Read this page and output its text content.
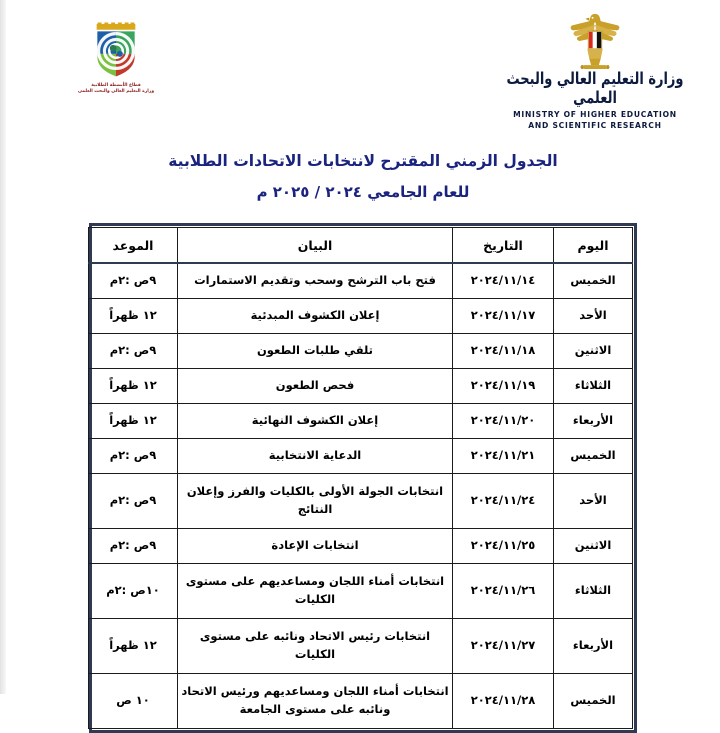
قطاع الأنشطة الطلابية
وزارة التعليم العالي والبحث العلمي
وزارة التعليم العالي والبحث العلمي
MINISTRY OF HIGHER EDUCATION
AND SCIENTIFIC RESEARCH
الجدول الزمني المقترح لانتخابات الاتحادات الطلابية
للعام الجامعي ٢٠٢٤ / ٢٠٢٥ م
اليوم	التاريخ	البيان	الموعد
الخميس	٢٠٢٤/١١/١٤	فتح باب الترشح وسحب وتقديم الاستمارات	٩ص :٢م
الأحد	٢٠٢٤/١١/١٧	إعلان الكشوف المبدئية	١٢ ظهراً
الاثنين	٢٠٢٤/١١/١٨	تلقي طلبات الطعون	٩ص :٢م
الثلاثاء	٢٠٢٤/١١/١٩	فحص الطعون	١٢ ظهراً
الأربعاء	٢٠٢٤/١١/٢٠	إعلان الكشوف النهائية	١٢ ظهراً
الخميس	٢٠٢٤/١١/٢١	الدعاية الانتخابية	٩ص :٢م
الأحد	٢٠٢٤/١١/٢٤	انتخابات الجولة الأولى بالكليات والفرز وإعلان النتائج	٩ص :٢م
الاثنين	٢٠٢٤/١١/٢٥	انتخابات الإعادة	٩ص :٢م
الثلاثاء	٢٠٢٤/١١/٢٦	انتخابات أمناء اللجان ومساعديهم على مستوى الكليات	١٠ص :٢م
الأربعاء	٢٠٢٤/١١/٢٧	انتخابات رئيس الاتحاد ونائبه على مستوى الكليات	١٢ ظهراً
الخميس	٢٠٢٤/١١/٢٨	انتخابات أمناء اللجان ومساعديهم ورئيس الاتحاد ونائبه على مستوى الجامعة	١٠ ص
